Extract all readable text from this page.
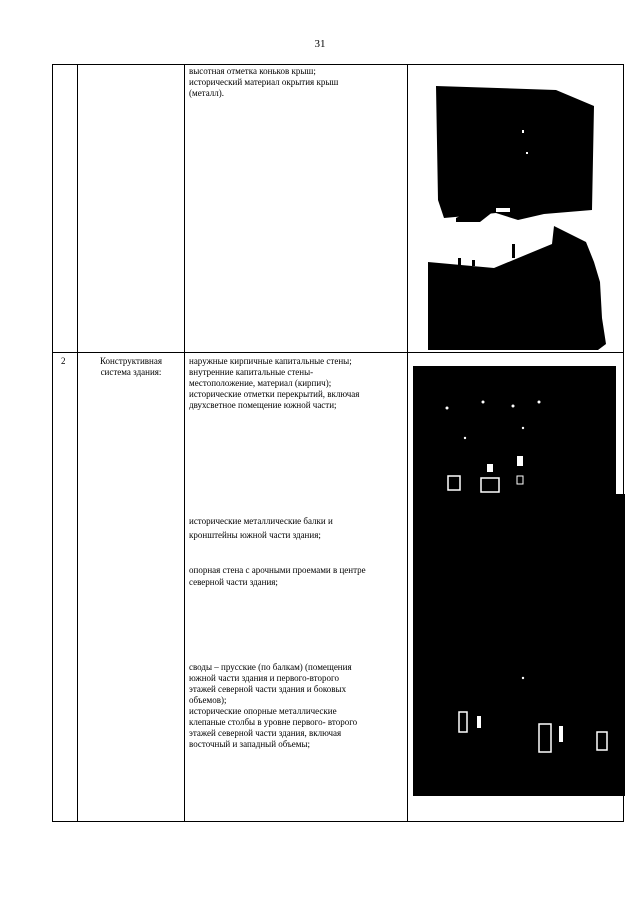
31
высотная отметка коньков крыш;
исторический материал окрытия крыш
(металл).
2	Конструктивная
система здания:
наружные кирпичные капитальные стены;
внутренние капитальные стены-
местоположение, материал (кирпич);
исторические отметки перекрытий, включая
двухсветное помещение южной части;
исторические металлические балки и
кронштейны южной части здания;
опорная стена с арочными проемами в центре
северной части здания;
своды – прусские (по балкам) (помещения
южной части здания и первого-второго
этажей северной части здания и боковых
объемов);
исторические опорные металлические
клепаные столбы в уровне первого- второго
этажей северной части здания, включая
восточный и западный объемы;
